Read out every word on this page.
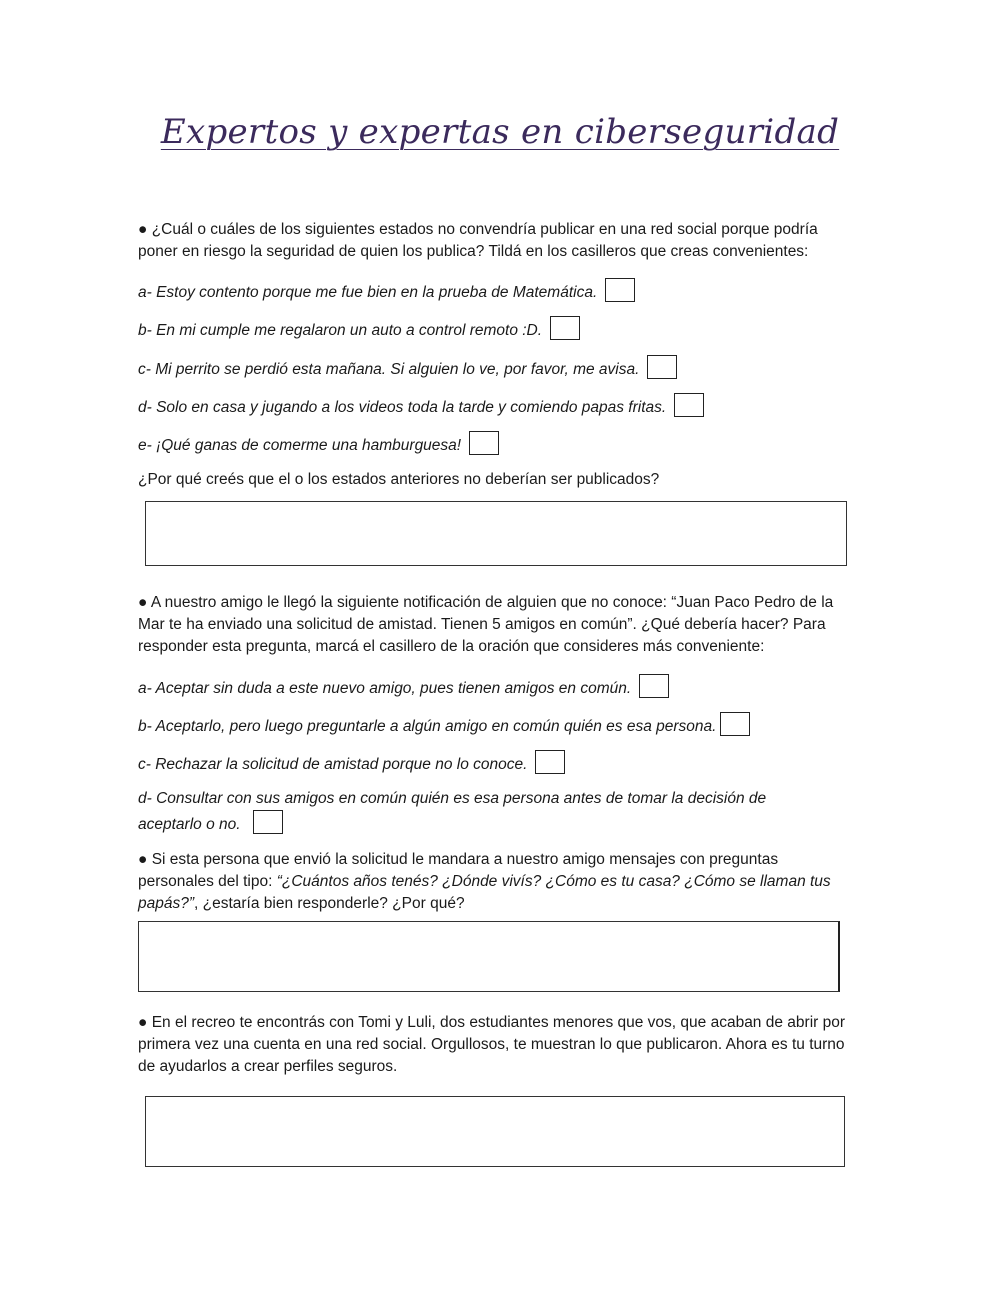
Expertos y expertas en ciberseguridad
● ¿Cuál o cuáles de los siguientes estados no convendría publicar en una red social porque podría poner en riesgo la seguridad de quien los publica? Tildá en los casilleros que creas convenientes:
a- Estoy contento porque me fue bien en la prueba de Matemática.
b- En mi cumple me regalaron un auto a control remoto :D.
c- Mi perrito se perdió esta mañana. Si alguien lo ve, por favor, me avisa.
d- Solo en casa y jugando a los videos toda la tarde y comiendo papas fritas.
e- ¡Qué ganas de comerme una hamburguesa!
¿Por qué creés que el o los estados anteriores no deberían ser publicados?
● A nuestro amigo le llegó la siguiente notificación de alguien que no conoce: “Juan Paco Pedro de la Mar te ha enviado una solicitud de amistad. Tienen 5 amigos en común”. ¿Qué debería hacer? Para responder esta pregunta, marcá el casillero de la oración que consideres más conveniente:
a- Aceptar sin duda a este nuevo amigo, pues tienen amigos en común.
b- Aceptarlo, pero luego preguntarle a algún amigo en común quién es esa persona.
c- Rechazar la solicitud de amistad porque no lo conoce.
d- Consultar con sus amigos en común quién es esa persona antes de tomar la decisión de aceptarlo o no.
● Si esta persona que envió la solicitud le mandara a nuestro amigo mensajes con preguntas personales del tipo: “¿Cuántos años tenés? ¿Dónde vivís? ¿Cómo es tu casa? ¿Cómo se llaman tus papás?”, ¿estaría bien responderle? ¿Por qué?
● En el recreo te encontrás con Tomi y Luli, dos estudiantes menores que vos, que acaban de abrir por primera vez una cuenta en una red social. Orgullosos, te muestran lo que publicaron. Ahora es tu turno de ayudarlos a crear perfiles seguros.
